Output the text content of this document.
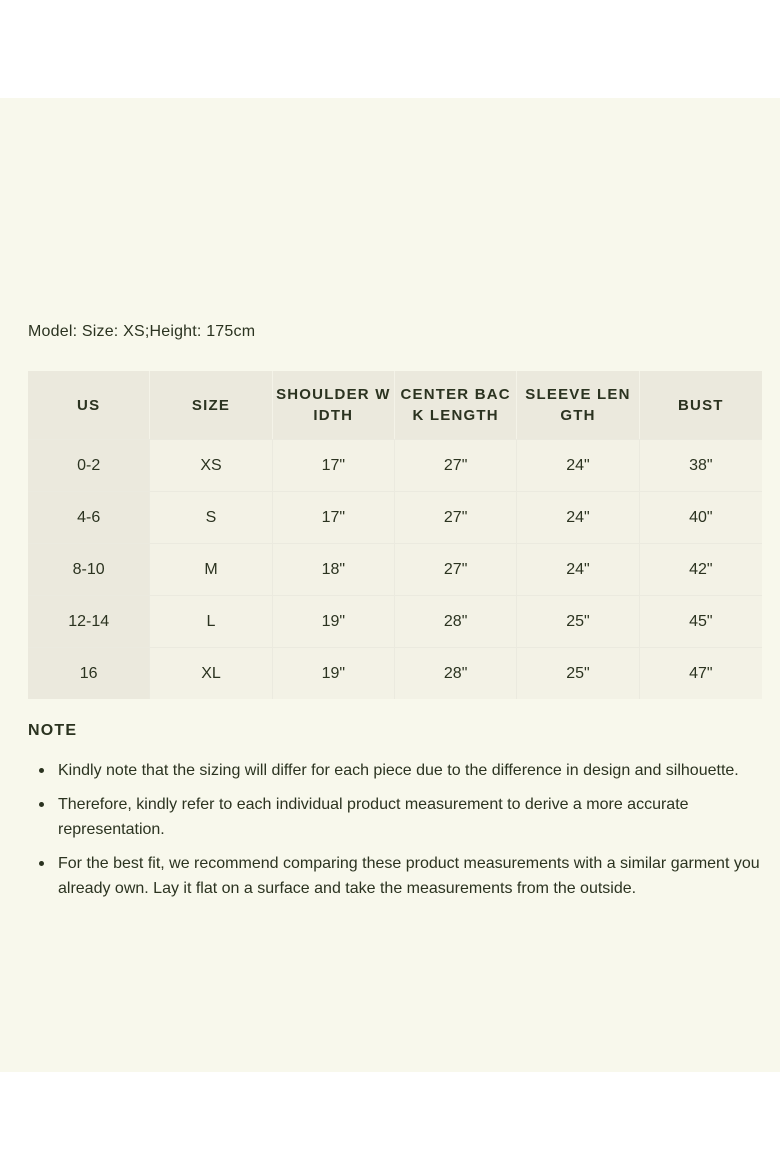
Model: Size: XS;Height: 175cm
US	SIZE	SHOULDER WIDTH	CENTER BACK LENGTH	SLEEVE LENGTH	BUST
0-2	XS	17"	27"	24"	38"
4-6	S	17"	27"	24"	40"
8-10	M	18"	27"	24"	42"
12-14	L	19"	28"	25"	45"
16	XL	19"	28"	25"	47"
NOTE
Kindly note that the sizing will differ for each piece due to the difference in design and silhouette.
Therefore, kindly refer to each individual product measurement to derive a more accurate representation.
For the best fit, we recommend comparing these product measurements with a similar garment you already own. Lay it flat on a surface and take the measurements from the outside.
